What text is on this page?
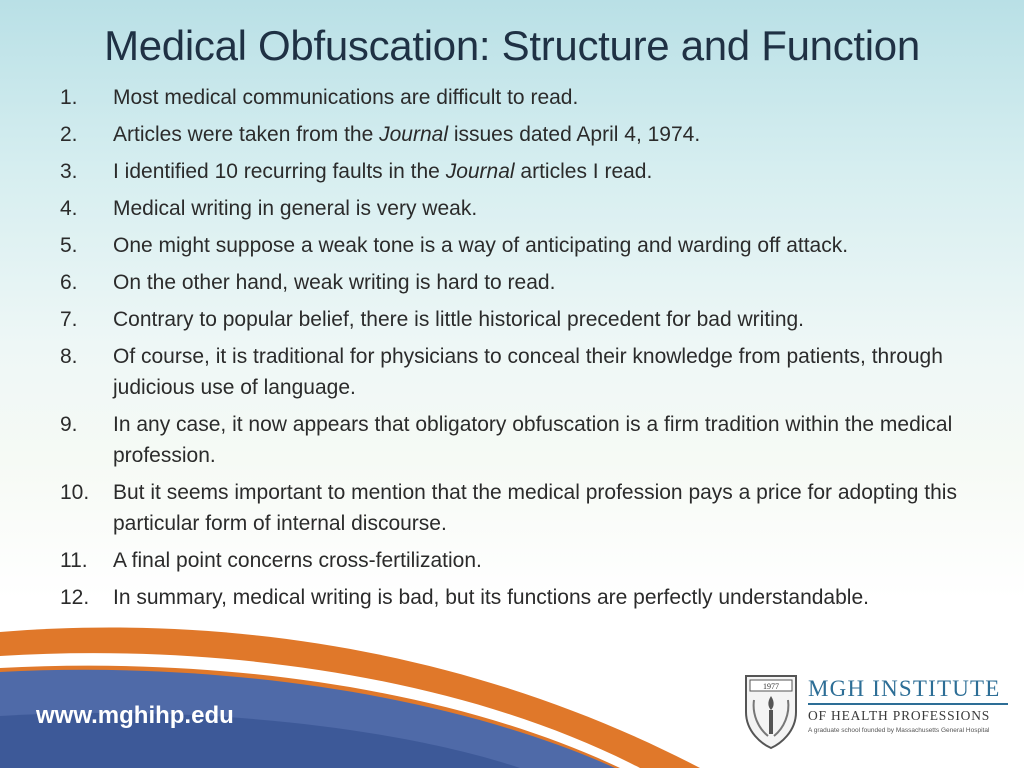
Medical Obfuscation: Structure and Function
1. Most medical communications are difficult to read.
2. Articles were taken from the Journal issues dated April 4, 1974.
3. I identified 10 recurring faults in the Journal articles I read.
4. Medical writing in general is very weak.
5. One might suppose a weak tone is a way of anticipating and warding off attack.
6. On the other hand, weak writing is hard to read.
7. Contrary to popular belief, there is little historical precedent for bad writing.
8. Of course, it is traditional for physicians to conceal their knowledge from patients, through judicious use of language.
9. In any case, it now appears that obligatory obfuscation is a firm tradition within the medical profession.
10. But it seems important to mention that the medical profession pays a price for adopting this particular form of internal discourse.
11. A final point concerns cross-fertilization.
12. In summary, medical writing is bad, but its functions are perfectly understandable.
www.mghihp.edu
1977 MGH INSTITUTE
OF HEALTH PROFESSIONS
A graduate school founded by Massachusetts General Hospital
